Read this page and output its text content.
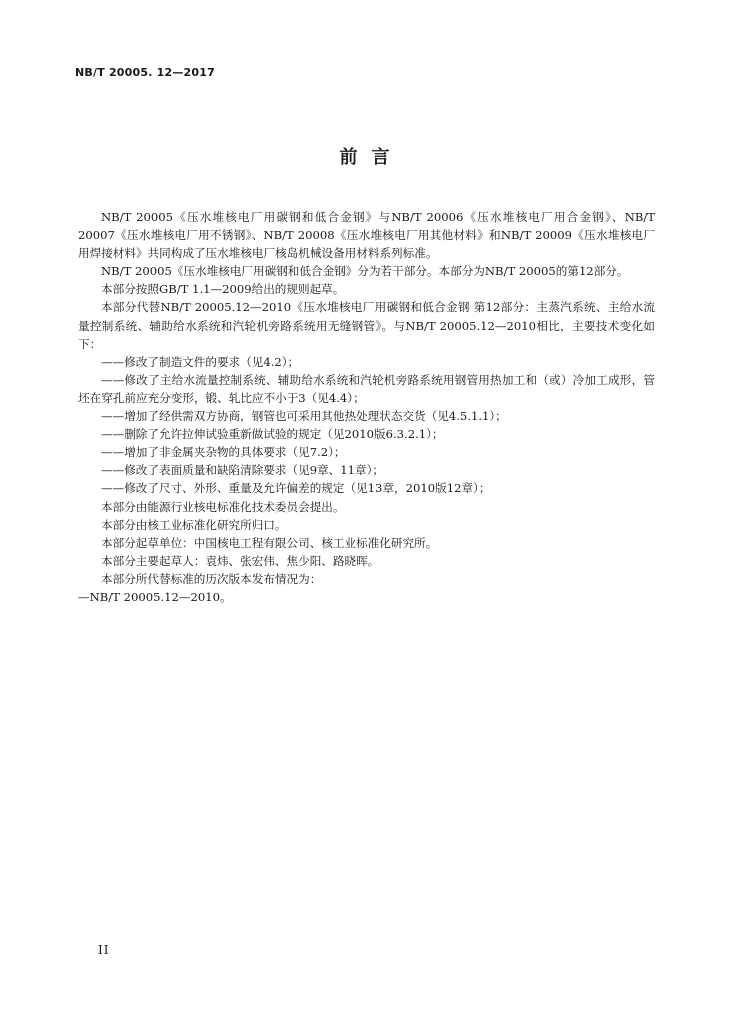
NB/T 20005. 12—2017
前言

NB/T 20005《压水堆核电厂用碳钢和低合金钢》与NB/T 20006《压水堆核电厂用合金钢》、NB/T 20007《压水堆核电厂用不锈钢》、NB/T 20008《压水堆核电厂用其他材料》和NB/T 20009《压水堆核电厂用焊接材料》共同构成了压水堆核电厂核岛机械设备用材料系列标准。

NB/T 20005《压水堆核电厂用碳钢和低合金钢》分为若干部分。本部分为NB/T 20005的第12部分。

本部分按照GB/T 1.1—2009给出的规则起草。

本部分代替NB/T 20005.12—2010《压水堆核电厂用碳钢和低合金钢 第12部分：主蒸汽系统、主给水流量控制系统、辅助给水系统和汽轮机旁路系统用无缝钢管》。与NB/T 20005.12—2010相比，主要技术变化如下：

——修改了制造文件的要求（见4.2）；

——修改了主给水流量控制系统、辅助给水系统和汽轮机旁路系统用钢管用热加工和（或）冷加工成形，管坯在穿孔前应充分变形，锻、轧比应不小于3（见4.4）；

——增加了经供需双方协商，钢管也可采用其他热处理状态交货（见4.5.1.1）；

——删除了允许拉伸试验重新做试验的规定（见2010版6.3.2.1）；

——增加了非金属夹杂物的具体要求（见7.2）；

——修改了表面质量和缺陷清除要求（见9章、11章）；

——修改了尺寸、外形、重量及允许偏差的规定（见13章，2010版12章）；

本部分由能源行业核电标准化技术委员会提出。

本部分由核工业标准化研究所归口。

本部分起草单位：中国核电工程有限公司、核工业标准化研究所。

本部分主要起草人：袁炜、张宏伟、焦少阳、路晓晖。

本部分所代替标准的历次版本发布情况为：

—NB/T 20005.12—2010。

II
